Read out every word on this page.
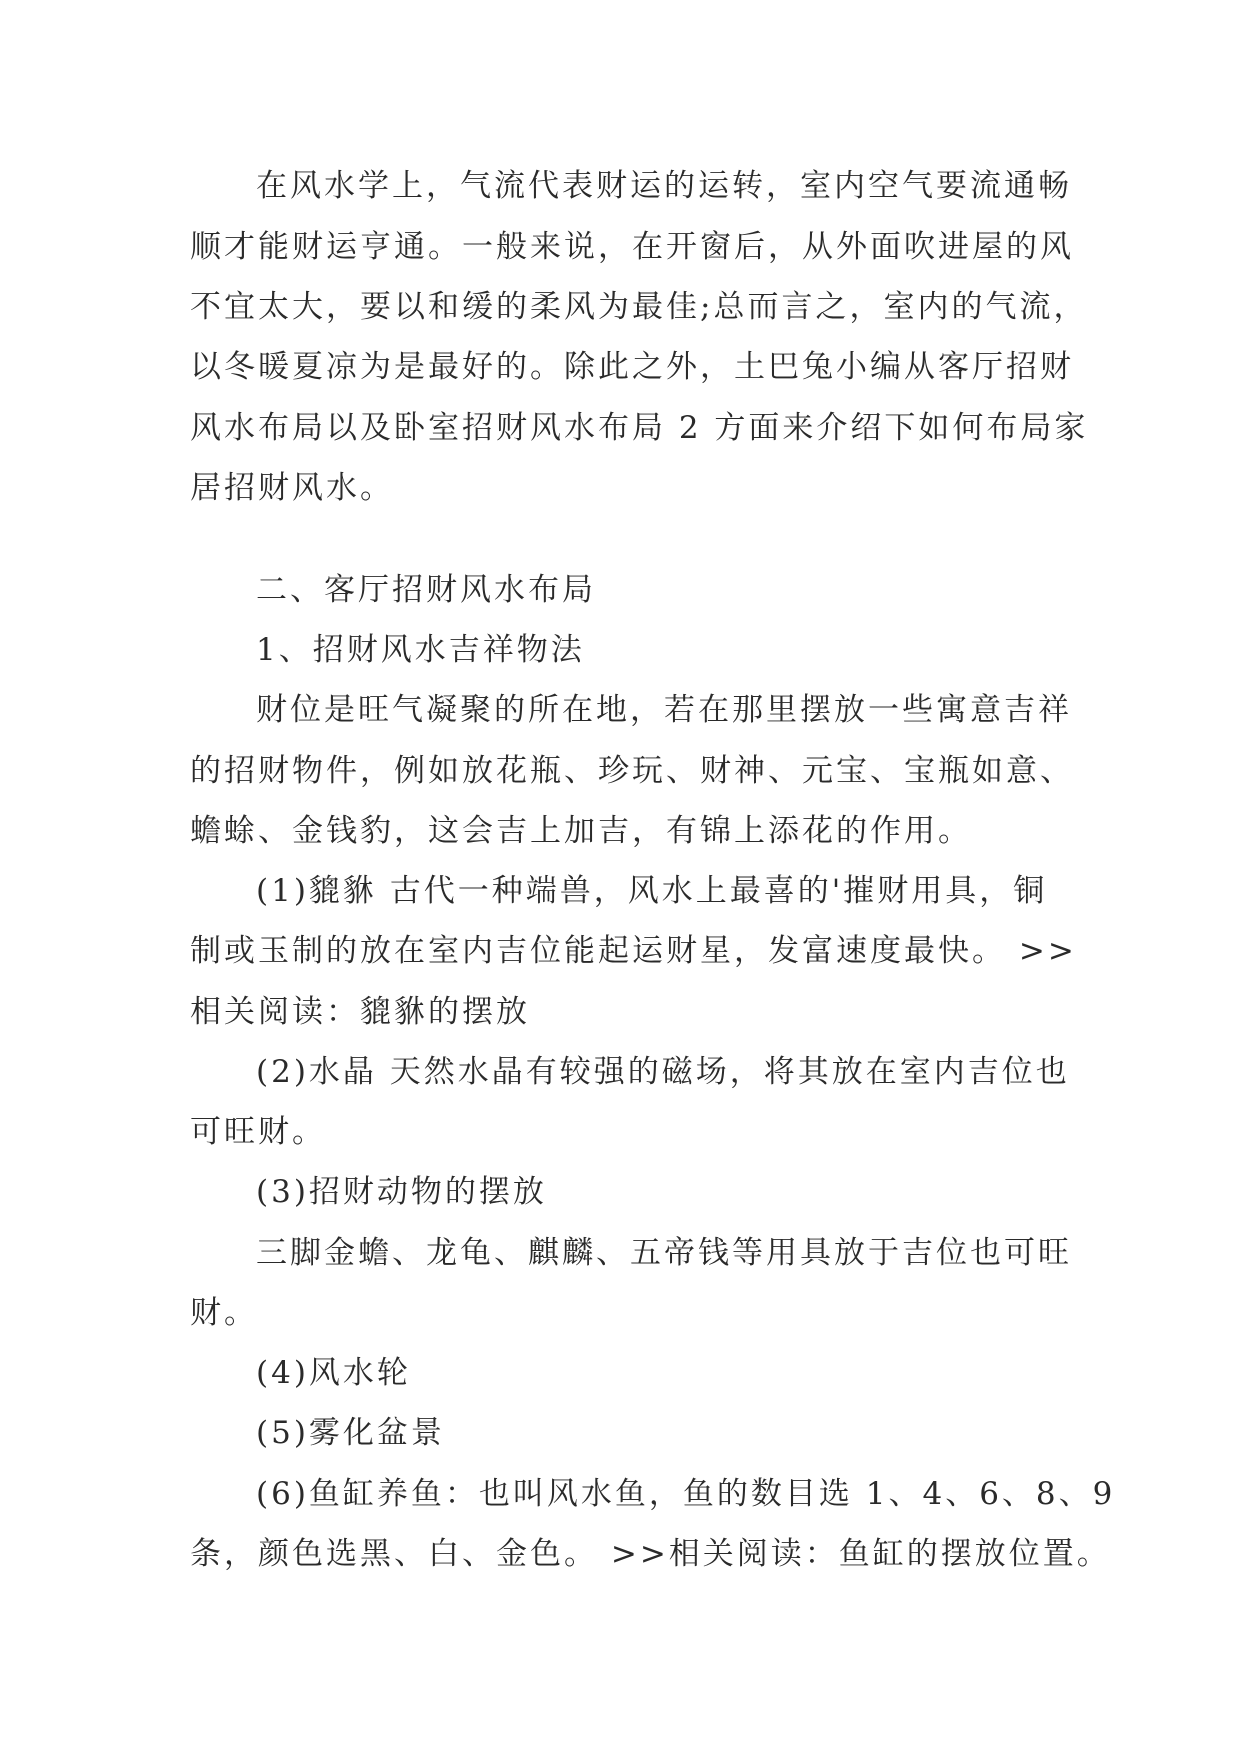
在风水学上，气流代表财运的运转，室内空气要流通畅
顺才能财运亨通。一般来说，在开窗后，从外面吹进屋的风
不宜太大，要以和缓的柔风为最佳;总而言之，室内的气流，
以冬暖夏凉为是最好的。除此之外，土巴兔小编从客厅招财
风水布局以及卧室招财风水布局 2 方面来介绍下如何布局家
居招财风水。
二、客厅招财风水布局
1、招财风水吉祥物法
财位是旺气凝聚的所在地，若在那里摆放一些寓意吉祥
的招财物件，例如放花瓶、珍玩、财神、元宝、宝瓶如意、
蟾蜍、金钱豹，这会吉上加吉，有锦上添花的作用。
(1)貔貅 古代一种端兽，风水上最喜的'摧财用具，铜
制或玉制的放在室内吉位能起运财星，发富速度最快。 >>
相关阅读：貔貅的摆放
(2)水晶 天然水晶有较强的磁场，将其放在室内吉位也
可旺财。
(3)招财动物的摆放
三脚金蟾、龙龟、麒麟、五帝钱等用具放于吉位也可旺
财。
(4)风水轮
(5)雾化盆景
(6)鱼缸养鱼：也叫风水鱼，鱼的数目选 1、4、6、8、9
条，颜色选黑、白、金色。 >>相关阅读：鱼缸的摆放位置。
